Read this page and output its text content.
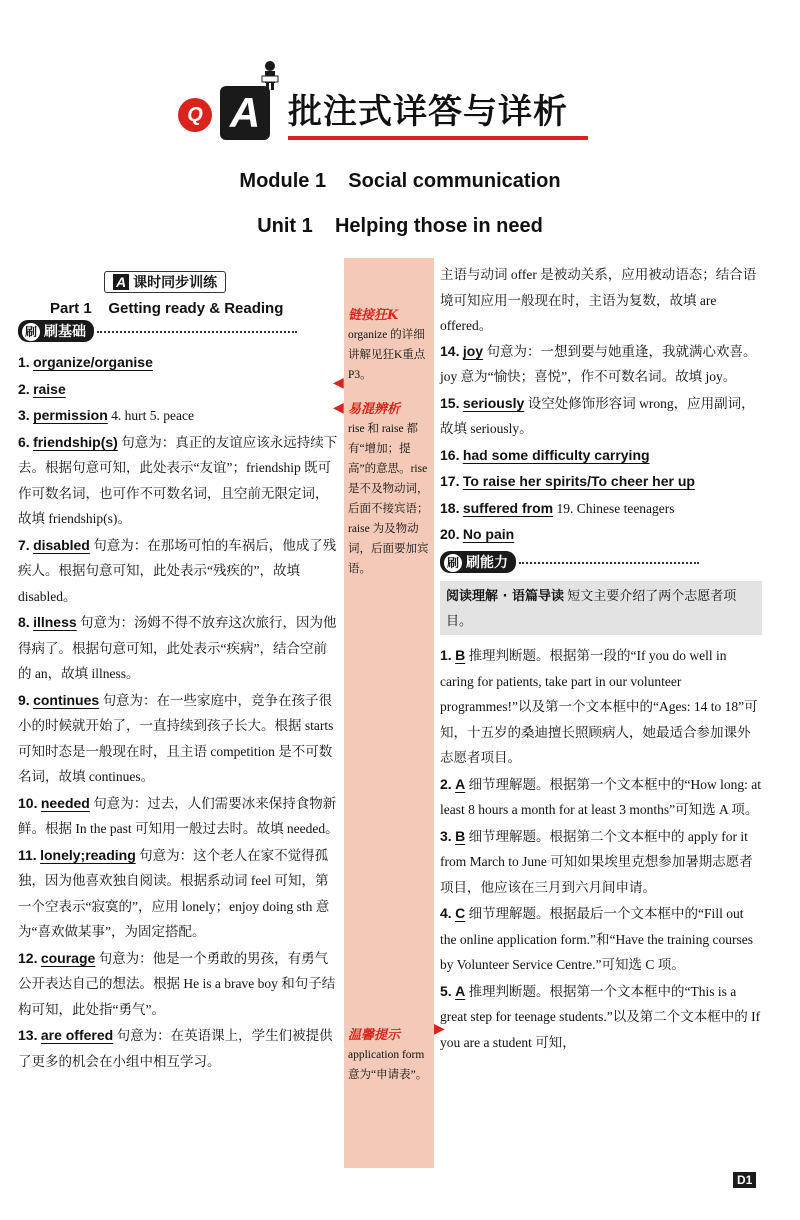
Q A 批注式详答与详析
Module 1    Social communication
Unit 1    Helping those in need

链接狂K

organize 的详细讲解见狂K重点P3。

易混辨析

rise 和 raise 都有“增加；提高”的意思。rise 是不及物动词，后面不接宾语；raise 为及物动词，后面要加宾语。

温馨提示

application form 意为“申请表”。

◀
◀
▶
A 课时同步训练
Part 1    Getting ready & Reading
刷 刷基础
1. organize/organise
2. raise
3. permission 4. hurt 5. peace
6. friendship(s) 句意为：真正的友谊应该永远持续下去。根据句意可知，此处表示“友谊”；friendship 既可作可数名词，也可作不可数名词，且空前无限定词，故填 friendship(s)。
7. disabled 句意为：在那场可怕的车祸后，他成了残疾人。根据句意可知，此处表示“残疾的”，故填 disabled。
8. illness 句意为：汤姆不得不放弃这次旅行，因为他得病了。根据句意可知，此处表示“疾病”，结合空前的 an，故填 illness。
9. continues 句意为：在一些家庭中，竞争在孩子很小的时候就开始了，一直持续到孩子长大。根据 starts 可知时态是一般现在时，且主语 competition 是不可数名词，故填 continues。
10. needed 句意为：过去，人们需要冰来保持食物新鲜。根据 In the past 可知用一般过去时。故填 needed。
11. lonely;reading 句意为：这个老人在家不觉得孤独，因为他喜欢独自阅读。根据系动词 feel 可知，第一个空表示“寂寞的”，应用 lonely；enjoy doing sth 意为“喜欢做某事”，为固定搭配。
12. courage 句意为：他是一个勇敢的男孩，有勇气公开表达自己的想法。根据 He is a brave boy 和句子结构可知，此处指“勇气”。
13. are offered 句意为：在英语课上，学生们被提供了更多的机会在小组中相互学习。
主语与动词 offer 是被动关系，应用被动语态；结合语境可知应用一般现在时，主语为复数，故填 are offered。
14. joy 句意为：一想到要与她重逢，我就满心欢喜。joy 意为“愉快；喜悦”，作不可数名词。故填 joy。
15. seriously 设空处修饰形容词 wrong，应用副词，故填 seriously。
16. had some difficulty carrying
17. To raise her spirits/To cheer her up
18. suffered from 19. Chinese teenagers
20. No pain
刷 刷能力
阅读理解 · 语篇导读 短文主要介绍了两个志愿者项目。
1. B 推理判断题。根据第一段的“If you do well in caring for patients, take part in our volunteer programmes!”以及第一个文本框中的“Ages: 14 to 18”可知，十五岁的桑迪擅长照顾病人，她最适合参加课外志愿者项目。
2. A 细节理解题。根据第一个文本框中的“How long: at least 8 hours a month for at least 3 months”可知选 A 项。
3. B 细节理解题。根据第二个文本框中的 apply for it from March to June 可知如果埃里克想参加暑期志愿者项目，他应该在三月到六月间申请。
4. C 细节理解题。根据最后一个文本框中的“Fill out the online application form.”和“Have the training courses by Volunteer Service Centre.”可知选 C 项。
5. A 推理判断题。根据第一个文本框中的“This is a great step for teenage students.”以及第二个文本框中的 If you are a student 可知，
D1
